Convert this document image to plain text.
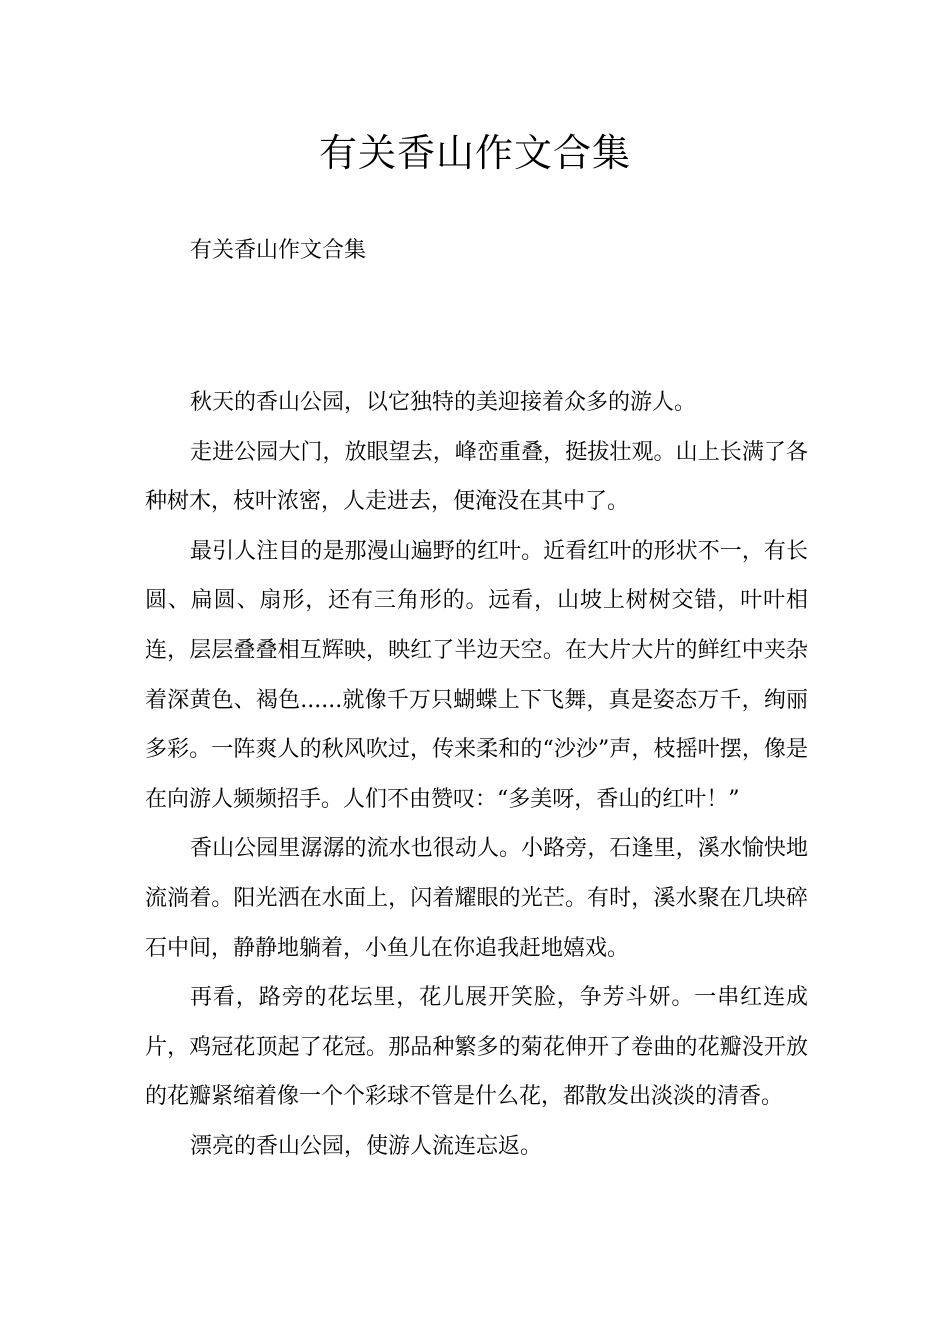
有关香山作文合集

有关香山作文合集

秋天的香山公园，以它独特的美迎接着众多的游人。

走进公园大门，放眼望去，峰峦重叠，挺拔壮观。山上长满了各种树木，枝叶浓密，人走进去，便淹没在其中了。

最引人注目的是那漫山遍野的红叶。近看红叶的形状不一，有长圆、扁圆、扇形，还有三角形的。远看，山坡上树树交错，叶叶相连，层层叠叠相互辉映，映红了半边天空。在大片大片的鲜红中夹杂着深黄色、褐色......就像千万只蝴蝶上下飞舞，真是姿态万千，绚丽多彩。一阵爽人的秋风吹过，传来柔和的“沙沙”声，枝摇叶摆，像是在向游人频频招手。人们不由赞叹：“多美呀，香山的红叶！”

香山公园里潺潺的流水也很动人。小路旁，石逢里，溪水愉快地流淌着。阳光洒在水面上，闪着耀眼的光芒。有时，溪水聚在几块碎石中间，静静地躺着，小鱼儿在你追我赶地嬉戏。

再看，路旁的花坛里，花儿展开笑脸，争芳斗妍。一串红连成片，鸡冠花顶起了花冠。那品种繁多的菊花伸开了卷曲的花瓣没开放的花瓣紧缩着像一个个彩球不管是什么花，都散发出淡淡的清香。

漂亮的香山公园，使游人流连忘返。
